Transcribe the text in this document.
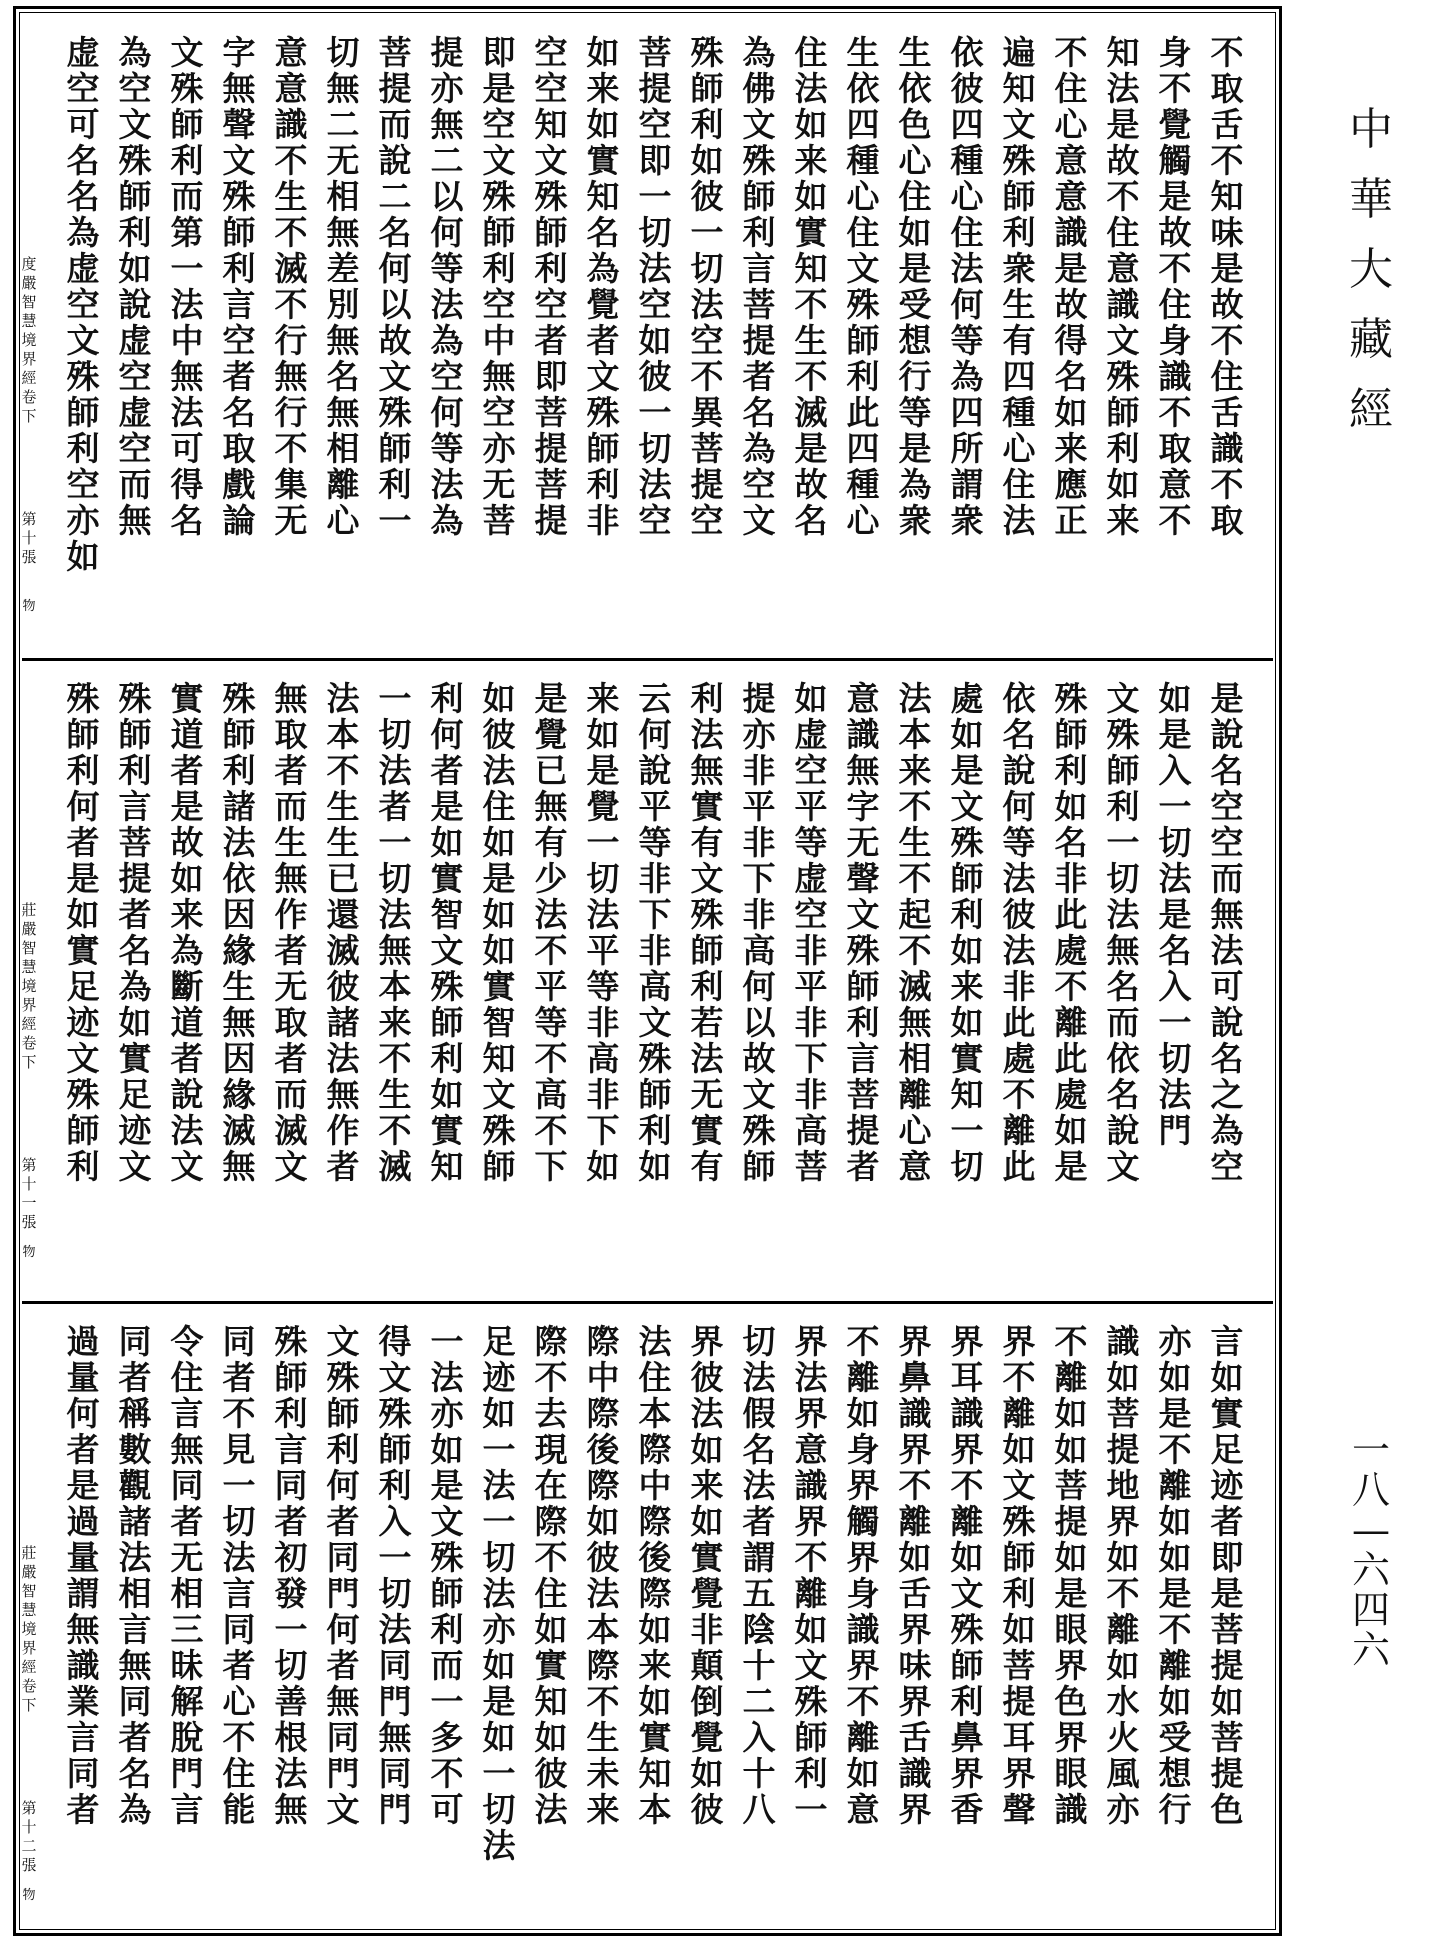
不
取
舌
不
知
味
是
故
不
住
舌
識
不
取
身
不
覺
觸
是
故
不
住
身
識
不
取
意
不
知
法
是
故
不
住
意
識
文
殊
師
利
如
来
不
住
心
意
意
識
是
故
得
名
如
来
應
正
遍
知
文
殊
師
利
衆
生
有
四
種
心
住
法
依
彼
四
種
心
住
法
何
等
為
四
所
謂
衆
生
依
色
心
住
如
是
受
想
行
等
是
為
衆
生
依
四
種
心
住
文
殊
師
利
此
四
種
心
住
法
如
来
如
實
知
不
生
不
滅
是
故
名
為
佛
文
殊
師
利
言
菩
提
者
名
為
空
文
殊
師
利
如
彼
一
切
法
空
不
異
菩
提
空
菩
提
空
即
一
切
法
空
如
彼
一
切
法
空
如
来
如
實
知
名
為
覺
者
文
殊
師
利
非
空
空
知
文
殊
師
利
空
者
即
菩
提
菩
提
即
是
空
文
殊
師
利
空
中
無
空
亦
无
菩
提
亦
無
二
以
何
等
法
為
空
何
等
法
為
菩
提
而
說
二
名
何
以
故
文
殊
師
利
一
切
無
二
无
相
無
差
別
無
名
無
相
離
心
意
意
識
不
生
不
滅
不
行
無
行
不
集
无
字
無
聲
文
殊
師
利
言
空
者
名
取
戲
論
文
殊
師
利
而
第
一
法
中
無
法
可
得
名
為
空
文
殊
師
利
如
說
虚
空
虚
空
而
無
虚
空
可
名
名
為
虚
空
文
殊
師
利
空
亦
如
度
嚴
智
慧
境
界
經
卷
下
第
十
張
物
是
說
名
空
空
而
無
法
可
說
名
之
為
空
如
是
入
一
切
法
是
名
入
一
切
法
門
文
殊
師
利
一
切
法
無
名
而
依
名
說
文
殊
師
利
如
名
非
此
處
不
離
此
處
如
是
依
名
說
何
等
法
彼
法
非
此
處
不
離
此
處
如
是
文
殊
師
利
如
来
如
實
知
一
切
法
本
来
不
生
不
起
不
滅
無
相
離
心
意
意
識
無
字
无
聲
文
殊
師
利
言
菩
提
者
如
虚
空
平
等
虚
空
非
平
非
下
非
高
菩
提
亦
非
平
非
下
非
高
何
以
故
文
殊
師
利
法
無
實
有
文
殊
師
利
若
法
无
實
有
云
何
說
平
等
非
下
非
高
文
殊
師
利
如
来
如
是
覺
一
切
法
平
等
非
高
非
下
如
是
覺
已
無
有
少
法
不
平
等
不
高
不
下
如
彼
法
住
如
是
如
如
實
智
知
文
殊
師
利
何
者
是
如
實
智
文
殊
師
利
如
實
知
一
切
法
者
一
切
法
無
本
来
不
生
不
滅
法
本
不
生
生
已
還
滅
彼
諸
法
無
作
者
無
取
者
而
生
無
作
者
无
取
者
而
滅
文
殊
師
利
諸
法
依
因
緣
生
無
因
緣
滅
無
實
道
者
是
故
如
来
為
斷
道
者
說
法
文
殊
師
利
言
菩
提
者
名
為
如
實
足
迹
文
殊
師
利
何
者
是
如
實
足
迹
文
殊
師
利
莊
嚴
智
慧
境
界
經
卷
下
第
十
一
張
物
言
如
實
足
迹
者
即
是
菩
提
如
菩
提
色
亦
如
是
不
離
如
如
是
不
離
如
受
想
行
識
如
菩
提
地
界
如
不
離
如
水
火
風
亦
不
離
如
如
菩
提
如
是
眼
界
色
界
眼
識
界
不
離
如
文
殊
師
利
如
菩
提
耳
界
聲
界
耳
識
界
不
離
如
文
殊
師
利
鼻
界
香
界
鼻
識
界
不
離
如
舌
界
味
界
舌
識
界
不
離
如
身
界
觸
界
身
識
界
不
離
如
意
界
法
界
意
識
界
不
離
如
文
殊
師
利
一
切
法
假
名
法
者
謂
五
陰
十
二
入
十
八
界
彼
法
如
来
如
實
覺
非
顛
倒
覺
如
彼
法
住
本
際
中
際
後
際
如
来
如
實
知
本
際
中
際
後
際
如
彼
法
本
際
不
生
未
来
際
不
去
現
在
際
不
住
如
實
知
如
彼
法
足
迹
如
一
法
一
切
法
亦
如
是
如
一
切
法
一
法
亦
如
是
文
殊
師
利
而
一
多
不
可
得
文
殊
師
利
入
一
切
法
同
門
無
同
門
文
殊
師
利
何
者
同
門
何
者
無
同
門
文
殊
師
利
言
同
者
初
發
一
切
善
根
法
無
同
者
不
見
一
切
法
言
同
者
心
不
住
能
令
住
言
無
同
者
无
相
三
昧
解
脫
門
言
同
者
稱
數
觀
諸
法
相
言
無
同
者
名
為
過
量
何
者
是
過
量
謂
無
識
業
言
同
者
莊
嚴
智
慧
境
界
經
卷
下
第
十
二
張
物
中
華
大
藏
經
一
八
—
六
四
六
